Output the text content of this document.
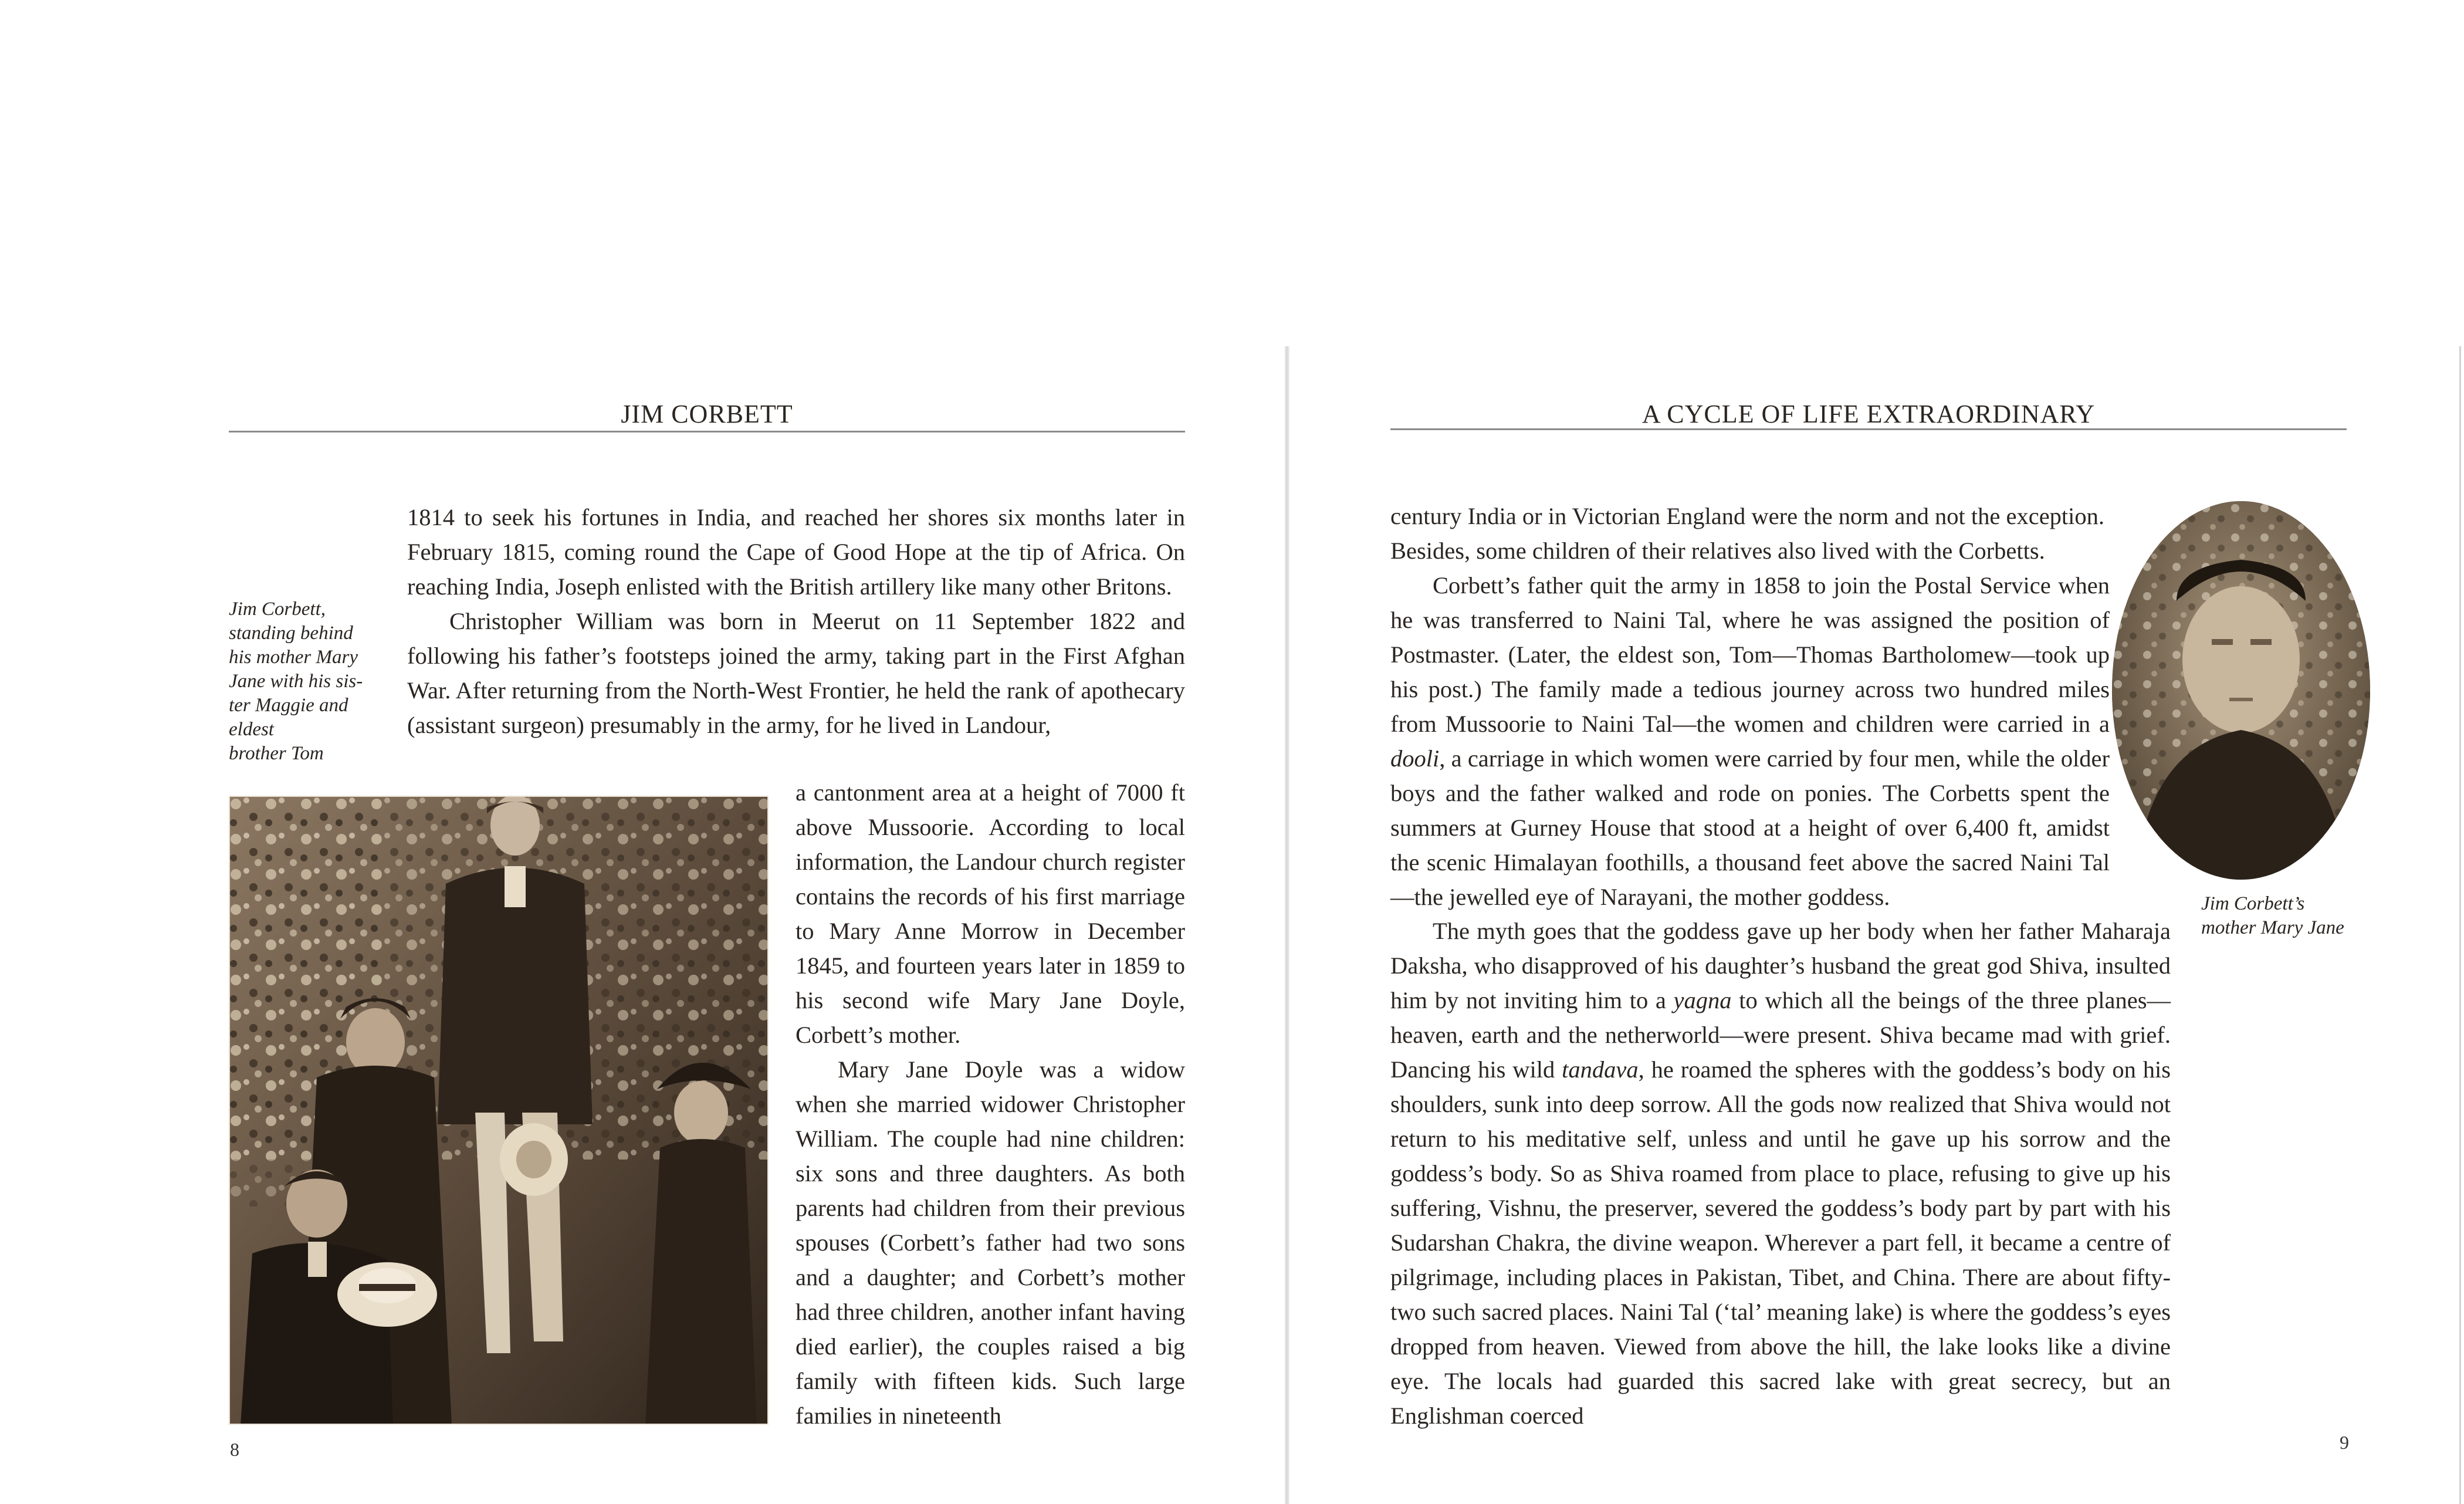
JIM CORBETT
Jim Corbett,
standing behind
his mother Mary
Jane with his sis-
ter Maggie and
eldest
brother Tom

1814 to seek his fortunes in India, and reached her shores six months later in February 1815, coming round the Cape of Good Hope at the tip of Africa. On reaching India, Joseph enlisted with the British artillery like many other Britons.

Christopher William was born in Meerut on 11 September 1822 and following his father’s footsteps joined the army, taking part in the First Afghan War. After returning from the North-West Frontier, he held the rank of apothecary (assistant surgeon) presumably in the army, for he lived in Landour,

a cantonment area at a height of 7000 ft above Mussoorie. According to local information, the Landour church register contains the records of his first marriage to Mary Anne Morrow in December 1845, and fourteen years later in 1859 to his second wife Mary Jane Doyle, Corbett’s mother.

Mary Jane Doyle was a widow when she married widower Christopher William. The couple had nine children: six sons and three daughters. As both parents had children from their previous spouses (Corbett’s father had two sons and a daughter; and Corbett’s mother had three children, another infant having died earlier), the couples raised a big family with fifteen kids. Such large families in nineteenth

8
A CYCLE OF LIFE EXTRAORDINARY
Jim Corbett’s
mother Mary Jane

century India or in Victorian England were the norm and not the exception.

Besides, some children of their relatives also lived with the Corbetts.

Corbett’s father quit the army in 1858 to join the Postal Service when he was transferred to Naini Tal, where he was assigned the position of Postmaster. (Later, the eldest son, Tom—Thomas Bartholomew—took up his post.) The family made a tedious journey across two hundred miles from Mussoorie to Naini Tal—the women and children were carried in a dooli, a carriage in which women were carried by four men, while the older boys and the father walked and rode on ponies. The Corbetts spent the summers at Gurney House that stood at a height of over 6,400 ft, amidst the scenic Himalayan foothills, a thousand feet above the sacred Naini Tal—the jewelled eye of Narayani, the mother goddess.

The myth goes that the goddess gave up her body when her father Maharaja Daksha, who disapproved of his daughter’s husband the great god Shiva, insulted him by not inviting him to a yagna to which all the beings of the three planes—heaven, earth and the netherworld—were present. Shiva became mad with grief. Dancing his wild tandava, he roamed the spheres with the goddess’s body on his shoulders, sunk into deep sorrow. All the gods now realized that Shiva would not return to his meditative self, unless and until he gave up his sorrow and the goddess’s body. So as Shiva roamed from place to place, refusing to give up his suffering, Vishnu, the preserver, severed the goddess’s body part by part with his Sudarshan Chakra, the divine weapon. Wherever a part fell, it became a centre of pilgrimage, including places in Pakistan, Tibet, and China. There are about fifty-two such sacred places. Naini Tal (‘tal’ meaning lake) is where the goddess’s eyes dropped from heaven. Viewed from above the hill, the lake looks like a divine eye. The locals had guarded this sacred lake with great secrecy, but an Englishman coerced

9
